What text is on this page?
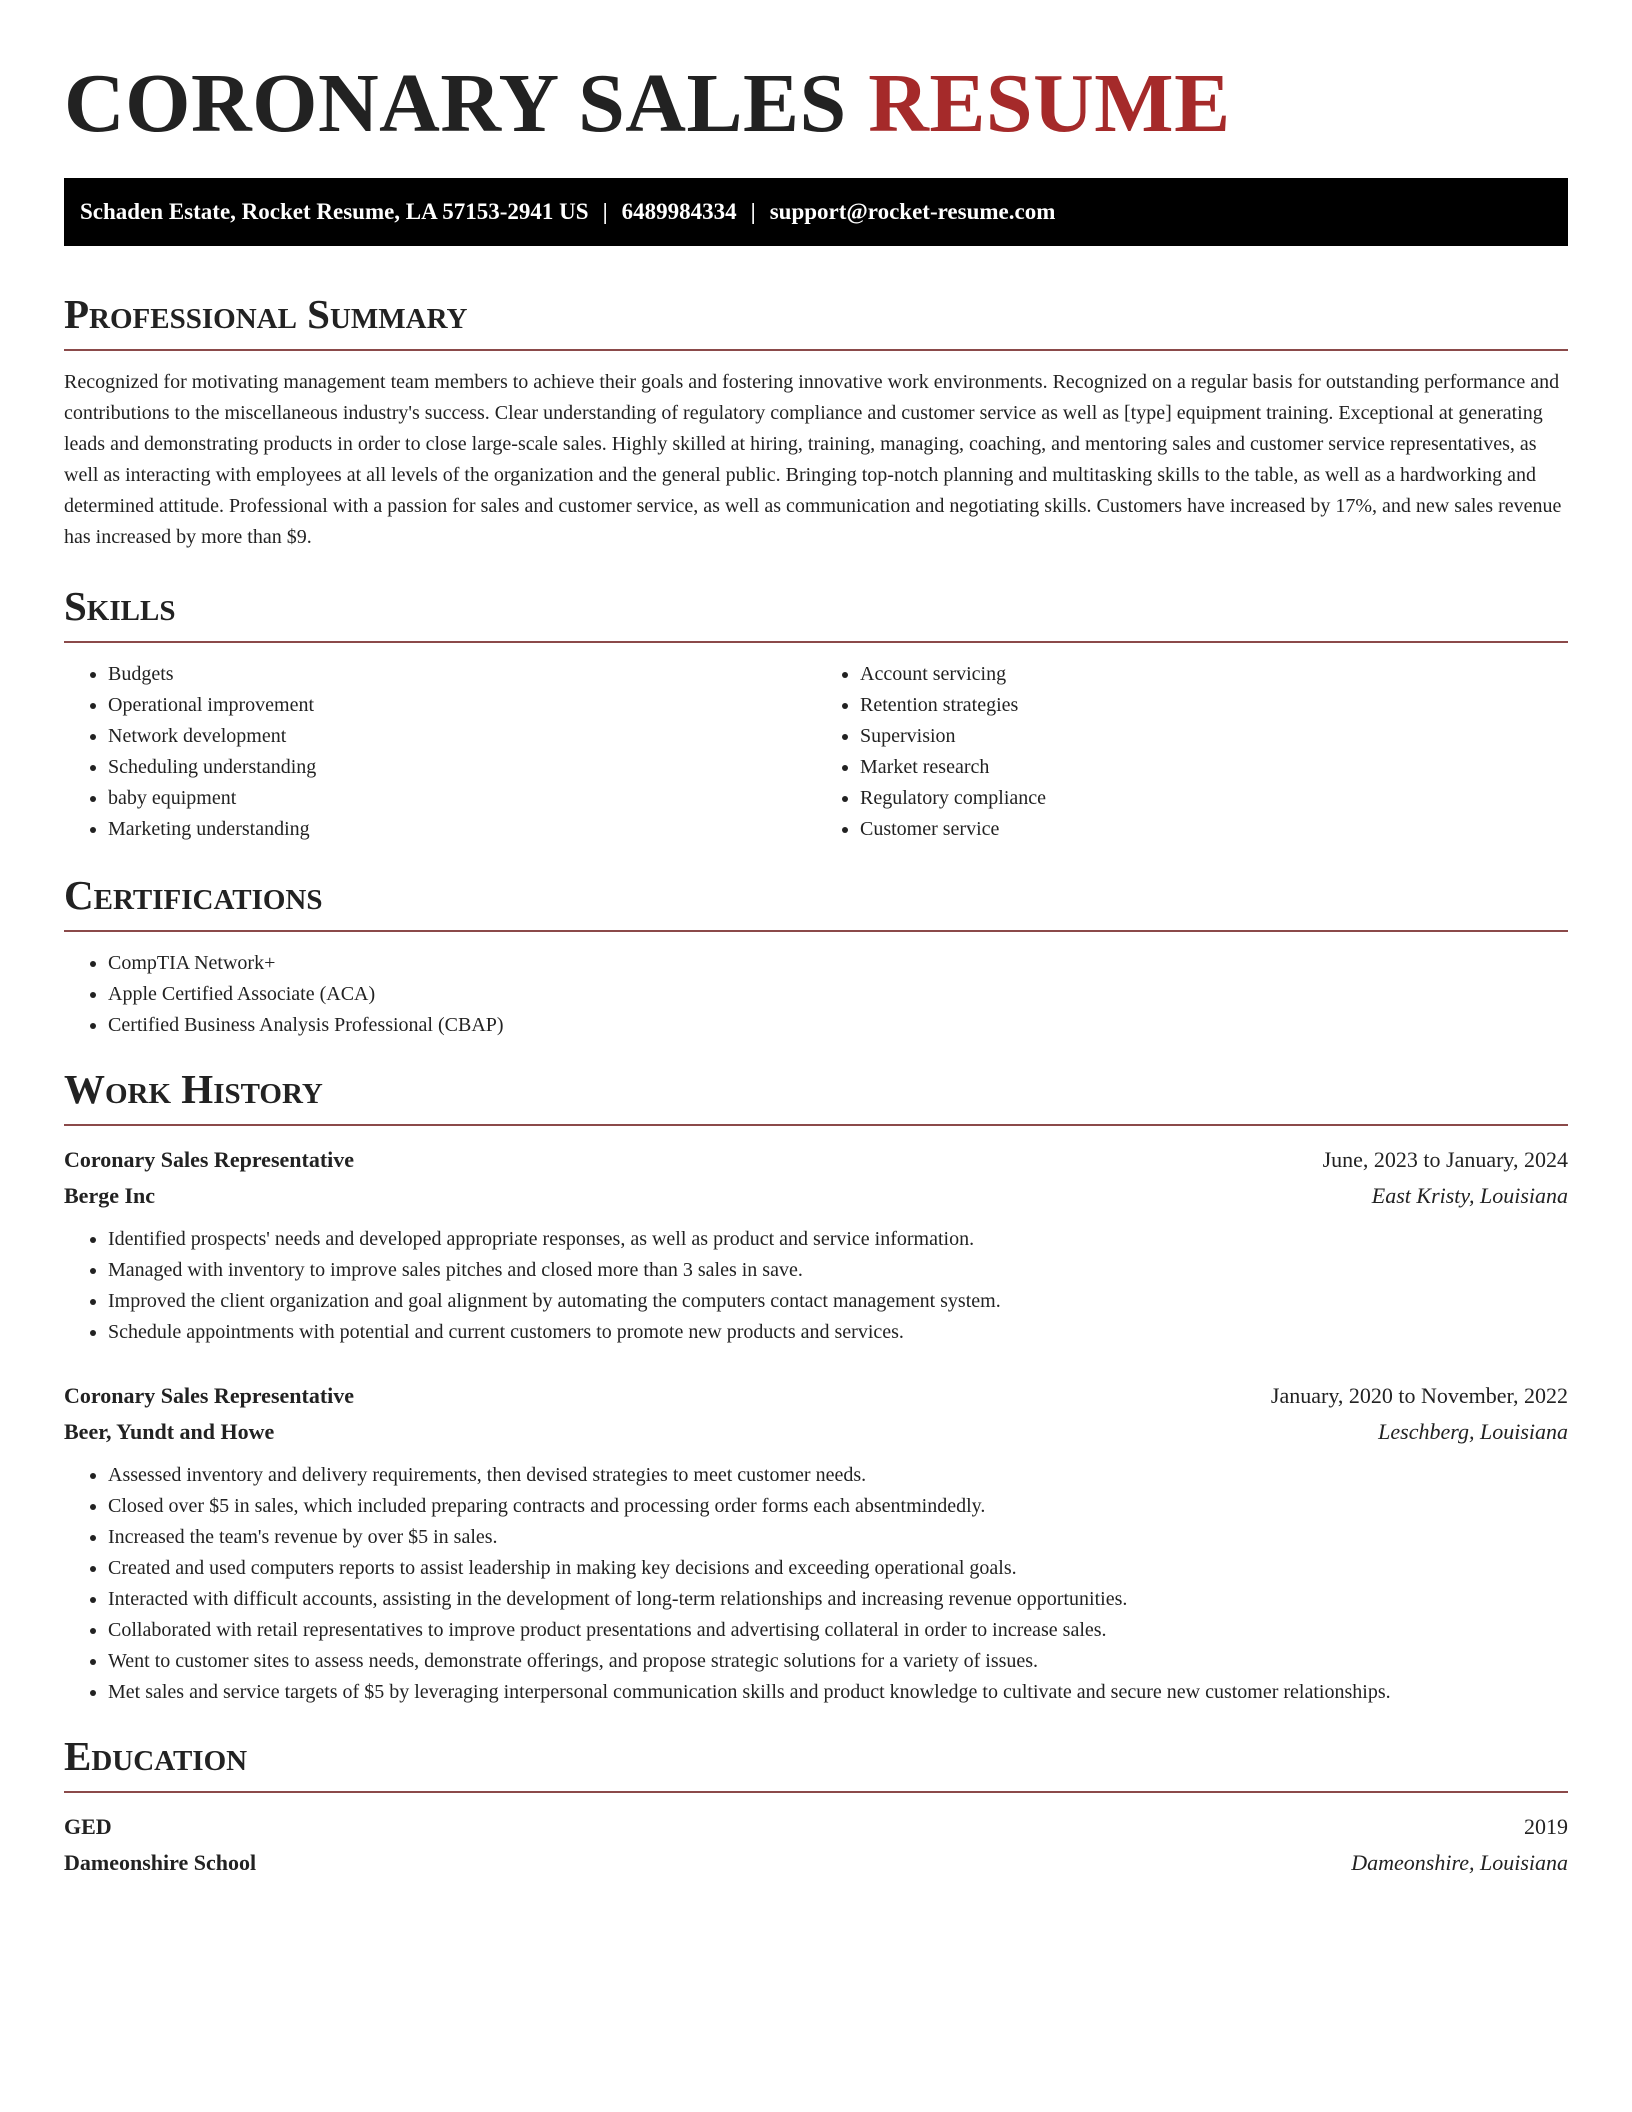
CORONARY SALES RESUME
Schaden Estate, Rocket Resume, LA 57153-2941 US | 6489984334 | support@rocket-resume.com
Professional Summary

Recognized for motivating management team members to achieve their goals and fostering innovative work environments. Recognized on a regular basis for outstanding performance and contributions to the miscellaneous industry's success. Clear understanding of regulatory compliance and customer service as well as [type] equipment training. Exceptional at generating leads and demonstrating products in order to close large-scale sales. Highly skilled at hiring, training, managing, coaching, and mentoring sales and customer service representatives, as well as interacting with employees at all levels of the organization and the general public. Bringing top-notch planning and multitasking skills to the table, as well as a hardworking and determined attitude. Professional with a passion for sales and customer service, as well as communication and negotiating skills. Customers have increased by 17%, and new sales revenue has increased by more than $9.

Skills
• Budgets
• Operational improvement
• Network development
• Scheduling understanding
• baby equipment
• Marketing understanding
• Account servicing
• Retention strategies
• Supervision
• Market research
• Regulatory compliance
• Customer service
Certifications
• CompTIA Network+
• Apple Certified Associate (ACA)
• Certified Business Analysis Professional (CBAP)
Work History
Coronary Sales Representative	June, 2023 to January, 2024
Berge Inc	East Kristy, Louisiana
• Identified prospects' needs and developed appropriate responses, as well as product and service information.
• Managed with inventory to improve sales pitches and closed more than 3 sales in save.
• Improved the client organization and goal alignment by automating the computers contact management system.
• Schedule appointments with potential and current customers to promote new products and services.
Coronary Sales Representative	January, 2020 to November, 2022
Beer, Yundt and Howe	Leschberg, Louisiana
• Assessed inventory and delivery requirements, then devised strategies to meet customer needs.
• Closed over $5 in sales, which included preparing contracts and processing order forms each absentmindedly.
• Increased the team's revenue by over $5 in sales.
• Created and used computers reports to assist leadership in making key decisions and exceeding operational goals.
• Interacted with difficult accounts, assisting in the development of long-term relationships and increasing revenue opportunities.
• Collaborated with retail representatives to improve product presentations and advertising collateral in order to increase sales.
• Went to customer sites to assess needs, demonstrate offerings, and propose strategic solutions for a variety of issues.
• Met sales and service targets of $5 by leveraging interpersonal communication skills and product knowledge to cultivate and secure new customer relationships.
Education
GED	2019
Dameonshire School	Dameonshire, Louisiana
